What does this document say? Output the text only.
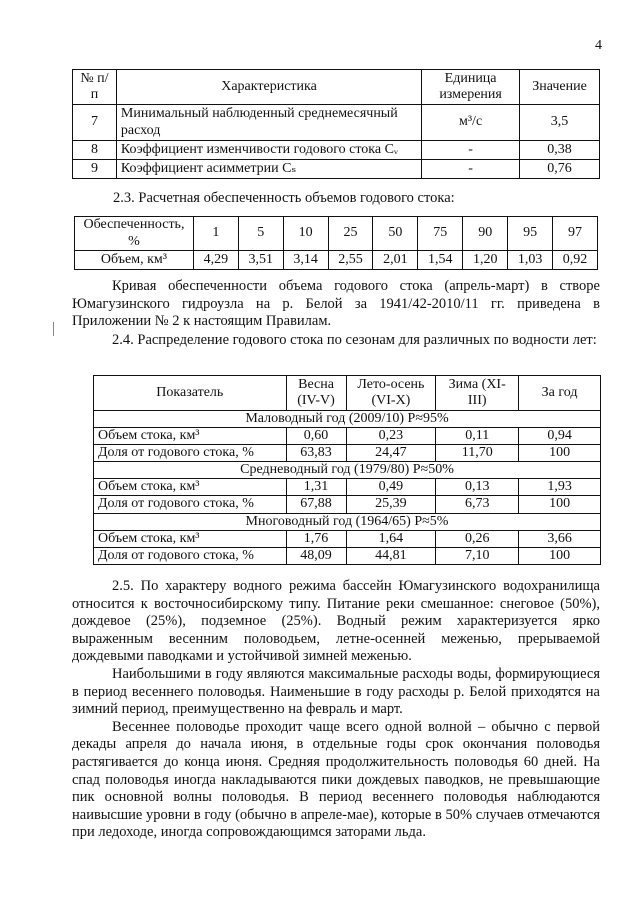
4
№ п/п	Характеристика	Единица измерения	Значение
7	Минимальный наблюденный среднемесячный расход	м³/с	3,5
8	Коэффициент изменчивости годового стока Cᵥ	-	0,38
9	Коэффициент асимметрии Cₛ	-	0,76
2.3. Расчетная обеспеченность объемов годового стока:
Обеспеченность, %	1	5	10	25	50	75	90	95	97
Объем, км³	4,29	3,51	3,14	2,55	2,01	1,54	1,20	1,03	0,92

Кривая обеспеченности объема годового стока (апрель-март) в створе Юмагузинского гидроузла на р. Белой за 1941/42-2010/11 гг. приведена в Приложении № 2 к настоящим Правилам.

2.4. Распределение годового стока по сезонам для различных по водности лет:

Показатель	Весна (IV-V)	Лето-осень (VI-X)	Зима (XI-III)	За год
Маловодный год (2009/10) P≈95%				
Объем стока, км³	0,60	0,23	0,11	0,94
Доля от годового стока, %	63,83	24,47	11,70	100
Средневодный год (1979/80) P≈50%				
Объем стока, км³	1,31	0,49	0,13	1,93
Доля от годового стока, %	67,88	25,39	6,73	100
Многоводный год (1964/65) P≈5%				
Объем стока, км³	1,76	1,64	0,26	3,66
Доля от годового стока, %	48,09	44,81	7,10	100

2.5. По характеру водного режима бассейн Юмагузинского водохранилища относится к восточносибирскому типу. Питание реки смешанное: снеговое (50%), дождевое (25%), подземное (25%). Водный режим характеризуется ярко выраженным весенним половодьем, летне-осенней меженью, прерываемой дождевыми паводками и устойчивой зимней меженью.

Наибольшими в году являются максимальные расходы воды, формирующиеся в период весеннего половодья. Наименьшие в году расходы р. Белой приходятся на зимний период, преимущественно на февраль и март.

Весеннее половодье проходит чаще всего одной волной – обычно с первой декады апреля до начала июня, в отдельные годы срок окончания половодья растягивается до конца июня. Средняя продолжительность половодья 60 дней. На спад половодья иногда накладываются пики дождевых паводков, не превышающие пик основной волны половодья. В период весеннего половодья наблюдаются наивысшие уровни в году (обычно в апреле-мае), которые в 50% случаев отмечаются при ледоходе, иногда сопровождающимся заторами льда.
